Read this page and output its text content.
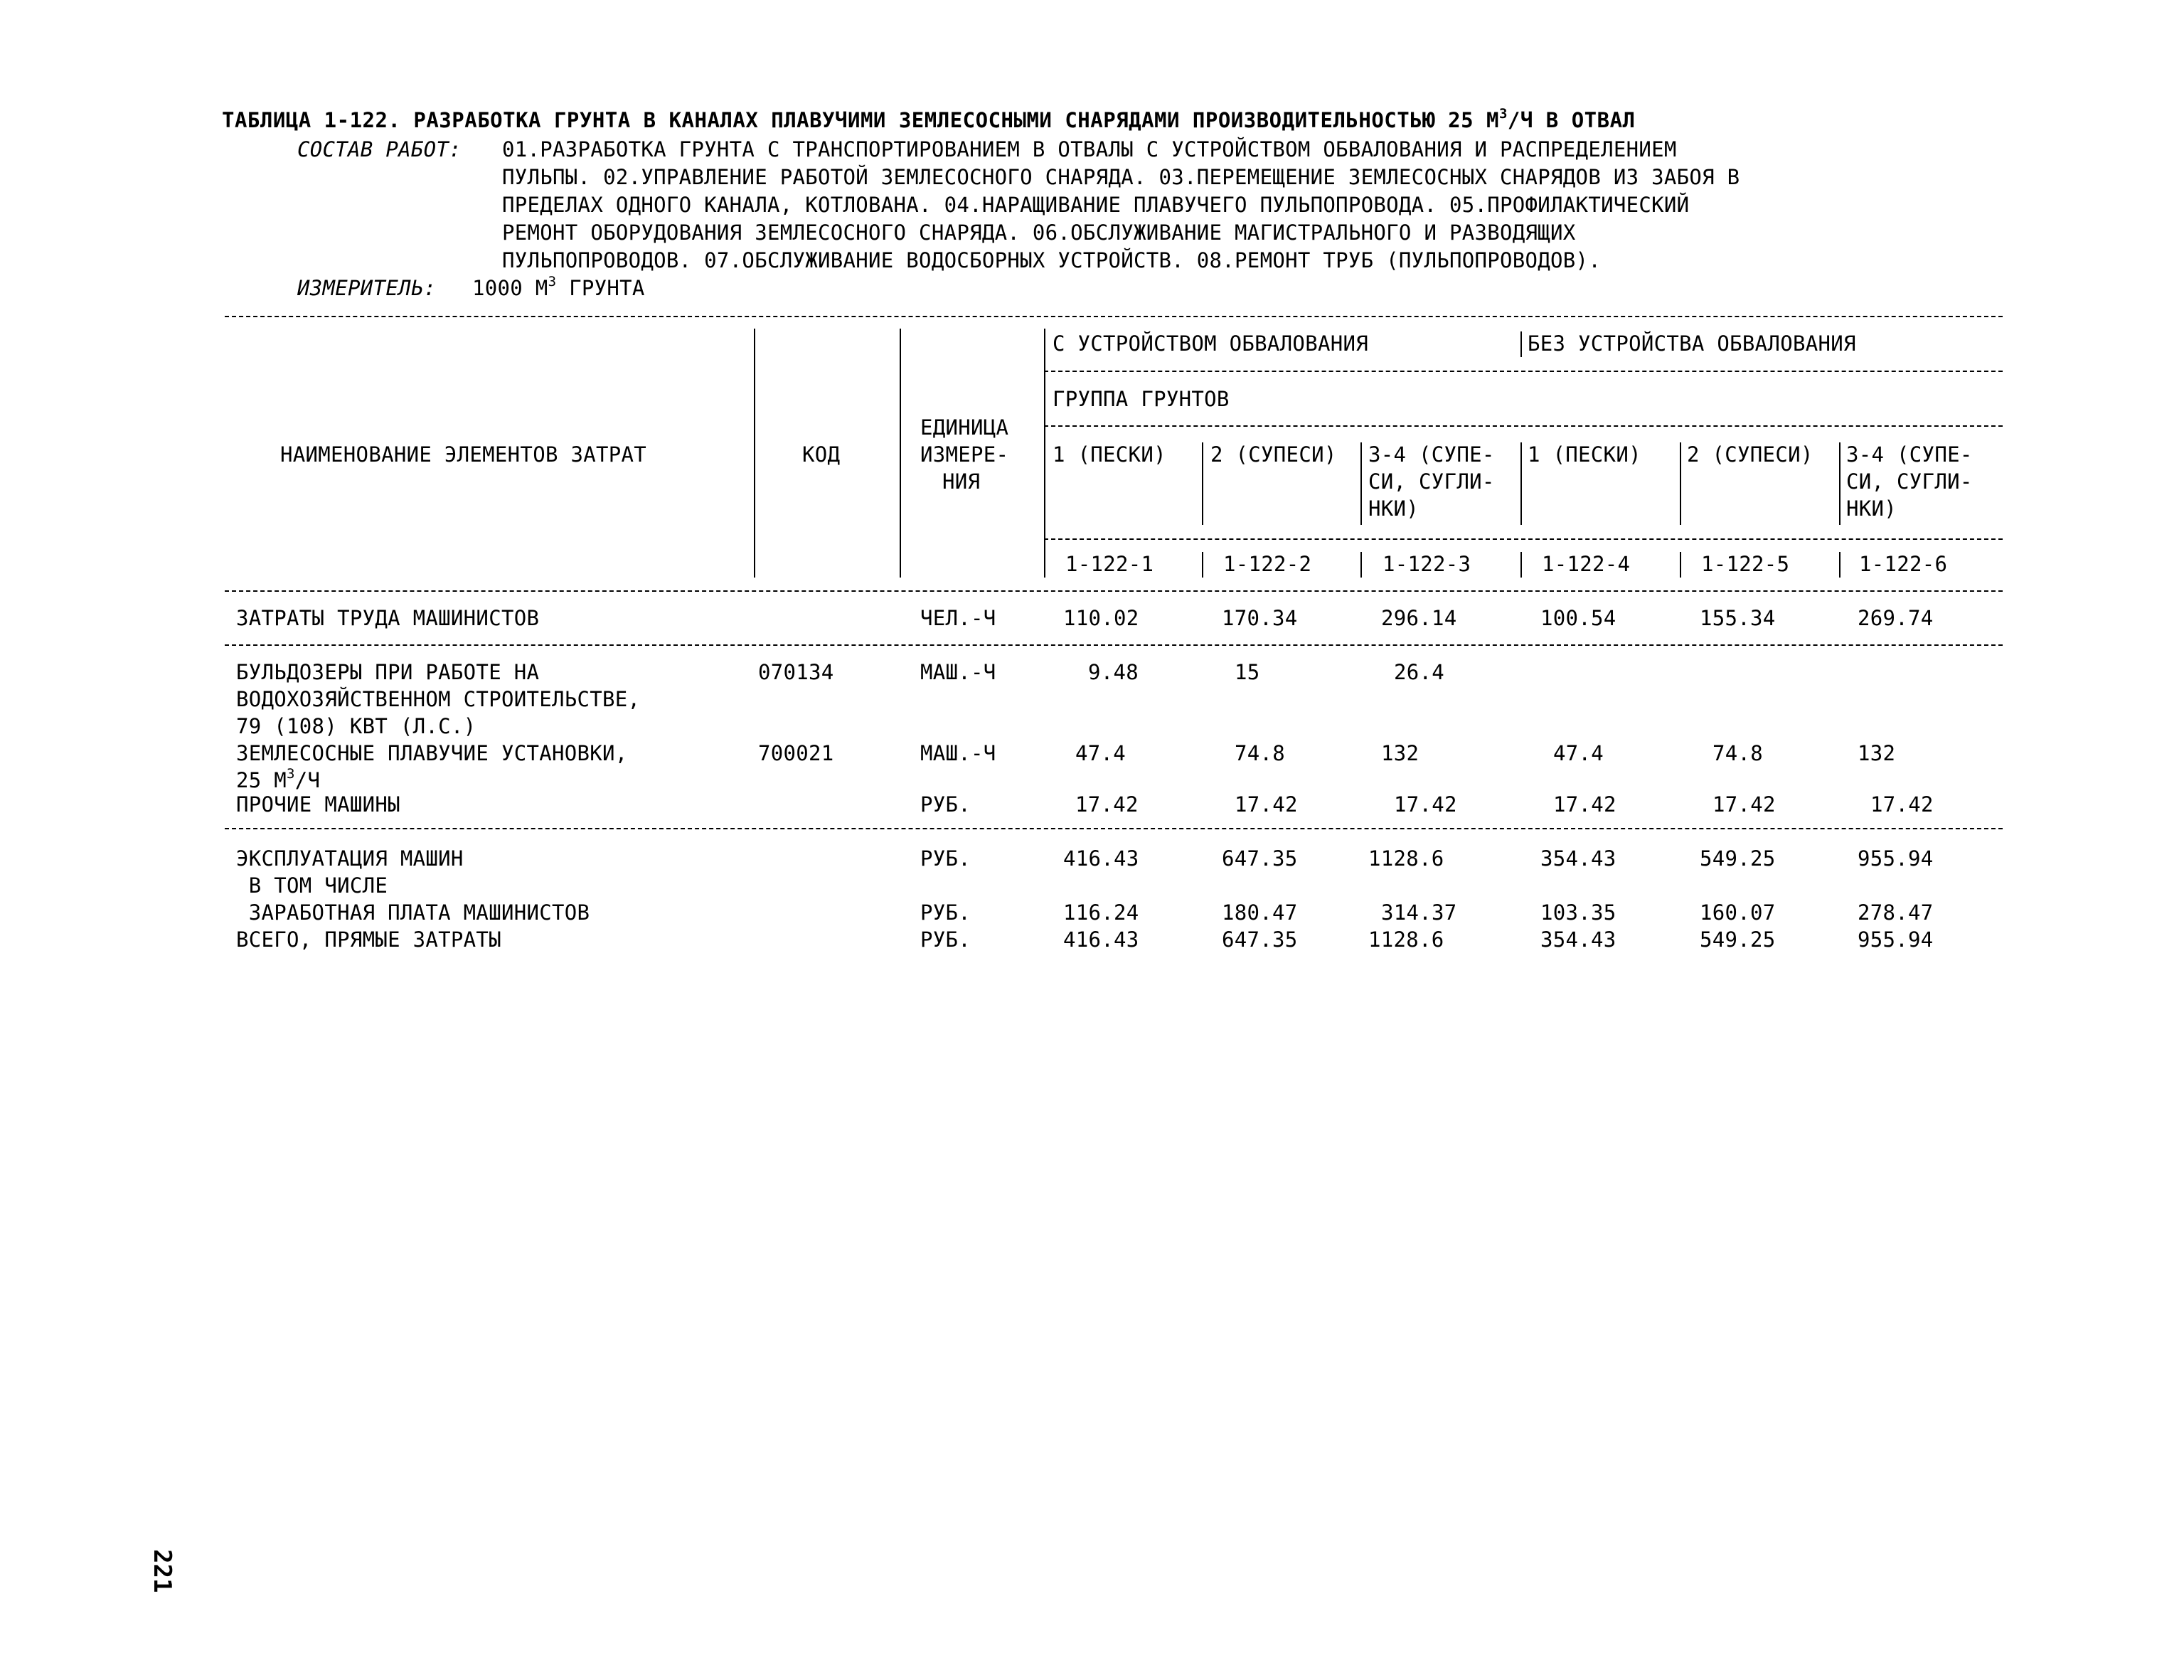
ТАБЛИЦА 1-122. РАЗРАБОТКА ГРУНТА В КАНАЛАХ ПЛАВУЧИМИ ЗЕМЛЕСОСНЫМИ СНАРЯДАМИ ПРОИЗВОДИТЕЛЬНОСТЬЮ 25 $М^3/Ч$ В ОТВАЛ
СОСТАВ РАБОТ: 01.РАЗРАБОТКА ГРУНТА С ТРАНСПОРТИРОВАНИЕМ В ОТВАЛЫ С УСТРОЙСТВОМ ОБВАЛОВАНИЯ И РАСПРЕДЕЛЕНИЕМ
ПУЛЬПЫ. 02.УПРАВЛЕНИЕ РАБОТОЙ ЗЕМЛЕСОСНОГО СНАРЯДА. 03.ПЕРЕМЕЩЕНИЕ ЗЕМЛЕСОСНЫХ СНАРЯДОВ ИЗ ЗАБОЯ В
ПРЕДЕЛАХ ОДНОГО КАНАЛА, КОТЛОВАНА. 04.НАРАЩИВАНИЕ ПЛАВУЧЕГО ПУЛЬПОПРОВОДА. 05.ПРОФИЛАКТИЧЕСКИЙ
РЕМОНТ ОБОРУДОВАНИЯ ЗЕМЛЕСОСНОГО СНАРЯДА. 06.ОБСЛУЖИВАНИЕ МАГИСТРАЛЬНОГО И РАЗВОДЯЩИХ
ПУЛЬПОПРОВОДОВ. 07.ОБСЛУЖИВАНИЕ ВОДОСБОРНЫХ УСТРОЙСТВ. 08.РЕМОНТ ТРУБ (ПУЛЬПОПРОВОДОВ).
ИЗМЕРИТЕЛЬ: 1000 $М^3$ ГРУНТА
НАИМЕНОВАНИЕ ЭЛЕМЕНТОВ ЗАТРАТ	КОД
ЕДИНИЦА
ИЗМЕРЕ-
НИЯ
С УСТРОЙСТВОМ ОБВАЛОВАНИЯ	БЕЗ УСТРОЙСТВА ОБВАЛОВАНИЯ
ГРУППА ГРУНТОВ
1 (ПЕСКИ) 2 (СУПЕСИ) 3-4 (СУПЕ-
СИ, СУГЛИ-
НКИ)
1 (ПЕСКИ) 2 (СУПЕСИ) 3-4 (СУПЕ-
СИ, СУГЛИ-
НКИ)
1-122-1	1-122-2	1-122-3	1-122-4	1-122-5	1-122-6
ЗАТРАТЫ ТРУДА МАШИНИСТОВ	ЧЕЛ.-Ч	110.02	170.34	296.14	100.54	155.34	269.74
БУЛЬДОЗЕРЫ ПРИ РАБОТЕ НА
ВОДОХОЗЯЙСТВЕННОМ СТРОИТЕЛЬСТВЕ,
79 (108) КВТ (Л.С.)
070134	МАШ.-Ч	9.48	15	26.4
ЗЕМЛЕСОСНЫЕ ПЛАВУЧИЕ УСТАНОВКИ,
25 $М^3/Ч$
700021	МАШ.-Ч	47.4	74.8	132	47.4	74.8	132
ПРОЧИЕ МАШИНЫ	РУБ.	17.42	17.42	17.42	17.42	17.42	17.42
ЭКСПЛУАТАЦИЯ МАШИН	РУБ.	416.43	647.35	1128.6	354.43	549.25	955.94
В ТОМ ЧИСЛЕ
ЗАРАБОТНАЯ ПЛАТА МАШИНИСТОВ	РУБ.	116.24	180.47	314.37	103.35	160.07	278.47
ВСЕГО, ПРЯМЫЕ ЗАТРАТЫ	РУБ.	416.43	647.35	1128.6	354.43	549.25	955.94
221
